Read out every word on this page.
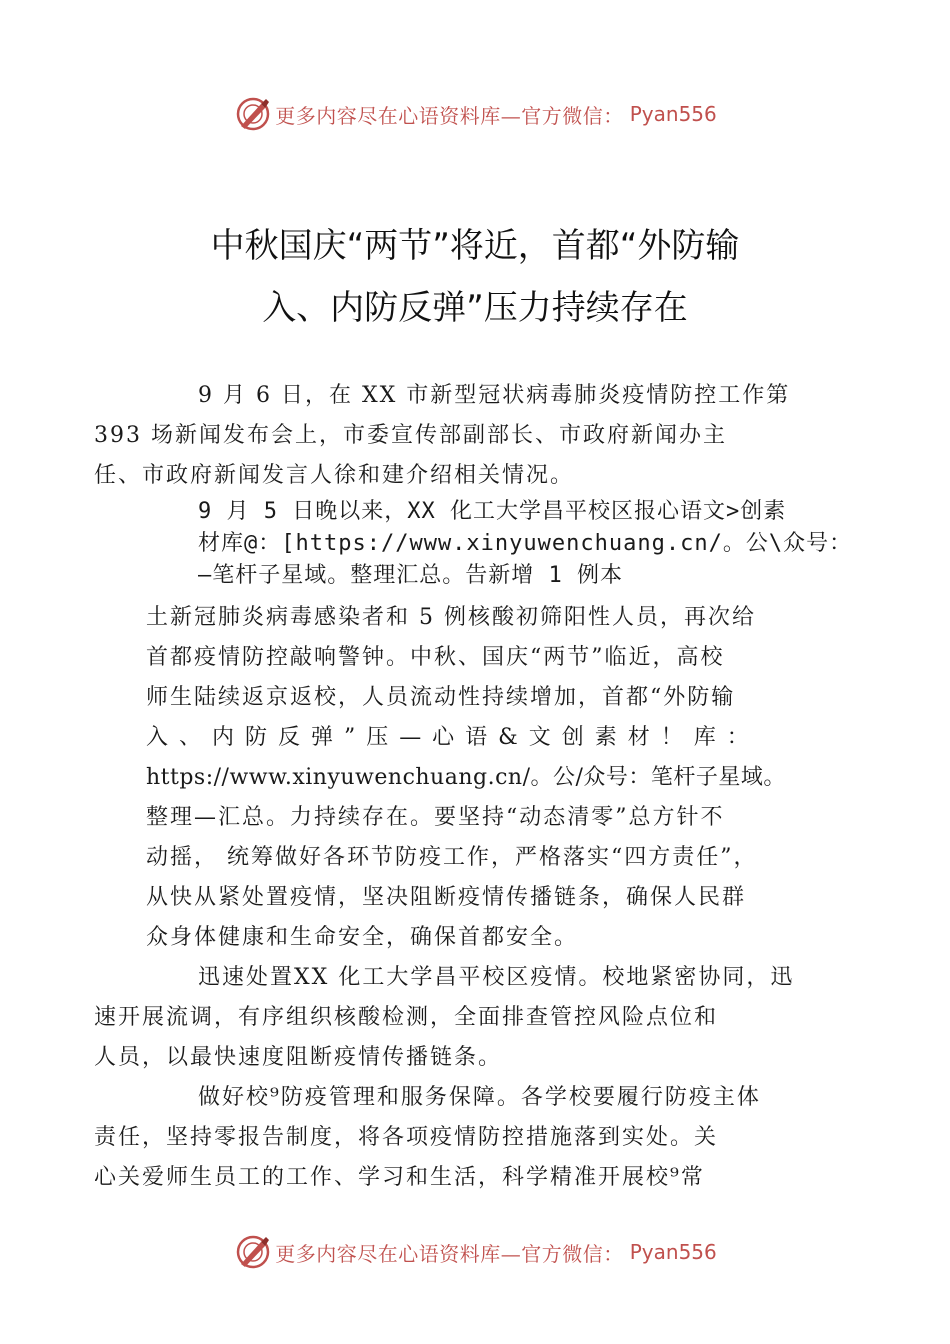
更多内容尽在心语资料库—官方微信： Pyan556
中秋国庆“两节”将近，首都“外防输
入、内防反弹”压力持续存在

9 月 6 日，在 XX 市新型冠状病毒肺炎疫情防控工作第
393 场新闻发布会上，市委宣传部副部长、市政府新闻办主
任、市政府新闻发言人徐和建介绍相关情况。

9 月 5 日晚以来，XX 化工大学昌平校区报心语文>创素
材库@：[https://www.xinyuwenchuang.cn/。公\众号：
—笔杆子星域。整理汇总。告新增 1 例本

土新冠肺炎病毒感染者和 5 例核酸初筛阳性人员，再次给
首都疫情防控敲响警钟。中秋、国庆“两节”临近，高校
师生陆续返京返校，人员流动性持续增加，首都“外防输
入 、 内 防 反 弹 ” 压 — 心 语 & 文 创 素 材 ！ 库 ：
https://www.xinyuwenchuang.cn/。公/众号：笔杆子星域。
整理—汇总。力持续存在。要坚持“动态清零”总方针不
动摇， 统筹做好各环节防疫工作，严格落实“四方责任”，
从快从紧处置疫情，坚决阻断疫情传播链条，确保人民群
众身体健康和生命安全，确保首都安全。

迅速处置XX 化工大学昌平校区疫情。校地紧密协同，迅
速开展流调，有序组织核酸检测，全面排查管控风险点位和
人员，以最快速度阻断疫情传播链条。

做好校⁹防疫管理和服务保障。各学校要履行防疫主体
责任，坚持零报告制度，将各项疫情防控措施落到实处。关
心关爱师生员工的工作、学习和生活，科学精准开展校⁹常

更多内容尽在心语资料库—官方微信： Pyan556
